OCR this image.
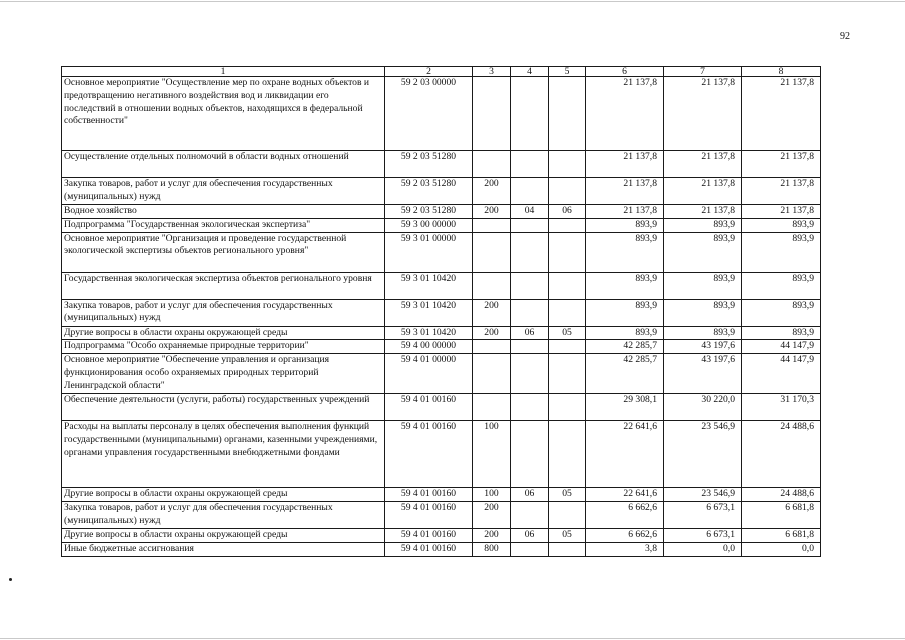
92
1	2	3	4	5	6	7	8
Основное мероприятие "Осуществление мер по охране водных объектов и предотвращению негативного воздействия вод и ликвидации его последствий в отношении водных объектов, находящихся в федеральной собственности"	59 2 03 00000				21 137,8	21 137,8	21 137,8
Осуществление отдельных полномочий в области водных отношений	59 2 03 51280				21 137,8	21 137,8	21 137,8
Закупка товаров, работ и услуг для обеспечения государственных (муниципальных) нужд	59 2 03 51280	200			21 137,8	21 137,8	21 137,8
Водное хозяйство	59 2 03 51280	200	04	06	21 137,8	21 137,8	21 137,8
Подпрограмма "Государственная экологическая экспертиза"	59 3 00 00000				893,9	893,9	893,9
Основное мероприятие "Организация и проведение государственной экологической экспертизы объектов регионального уровня"	59 3 01 00000				893,9	893,9	893,9
Государственная экологическая экспертиза объектов регионального уровня	59 3 01 10420				893,9	893,9	893,9
Закупка товаров, работ и услуг для обеспечения государственных (муниципальных) нужд	59 3 01 10420	200			893,9	893,9	893,9
Другие вопросы в области охраны окружающей среды	59 3 01 10420	200	06	05	893,9	893,9	893,9
Подпрограмма "Особо охраняемые природные территории"	59 4 00 00000				42 285,7	43 197,6	44 147,9
Основное мероприятие "Обеспечение управления и организация функционирования особо охраняемых природных территорий Ленинградской области"	59 4 01 00000				42 285,7	43 197,6	44 147,9
Обеспечение деятельности (услуги, работы) государственных учреждений	59 4 01 00160				29 308,1	30 220,0	31 170,3
Расходы на выплаты персоналу в целях обеспечения выполнения функций государственными (муниципальными) органами, казенными учреждениями, органами управления государственными внебюджетными фондами	59 4 01 00160	100			22 641,6	23 546,9	24 488,6
Другие вопросы в области охраны окружающей среды	59 4 01 00160	100	06	05	22 641,6	23 546,9	24 488,6
Закупка товаров, работ и услуг для обеспечения государственных (муниципальных) нужд	59 4 01 00160	200			6 662,6	6 673,1	6 681,8
Другие вопросы в области охраны окружающей среды	59 4 01 00160	200	06	05	6 662,6	6 673,1	6 681,8
Иные бюджетные ассигнования	59 4 01 00160	800			3,8	0,0	0,0
